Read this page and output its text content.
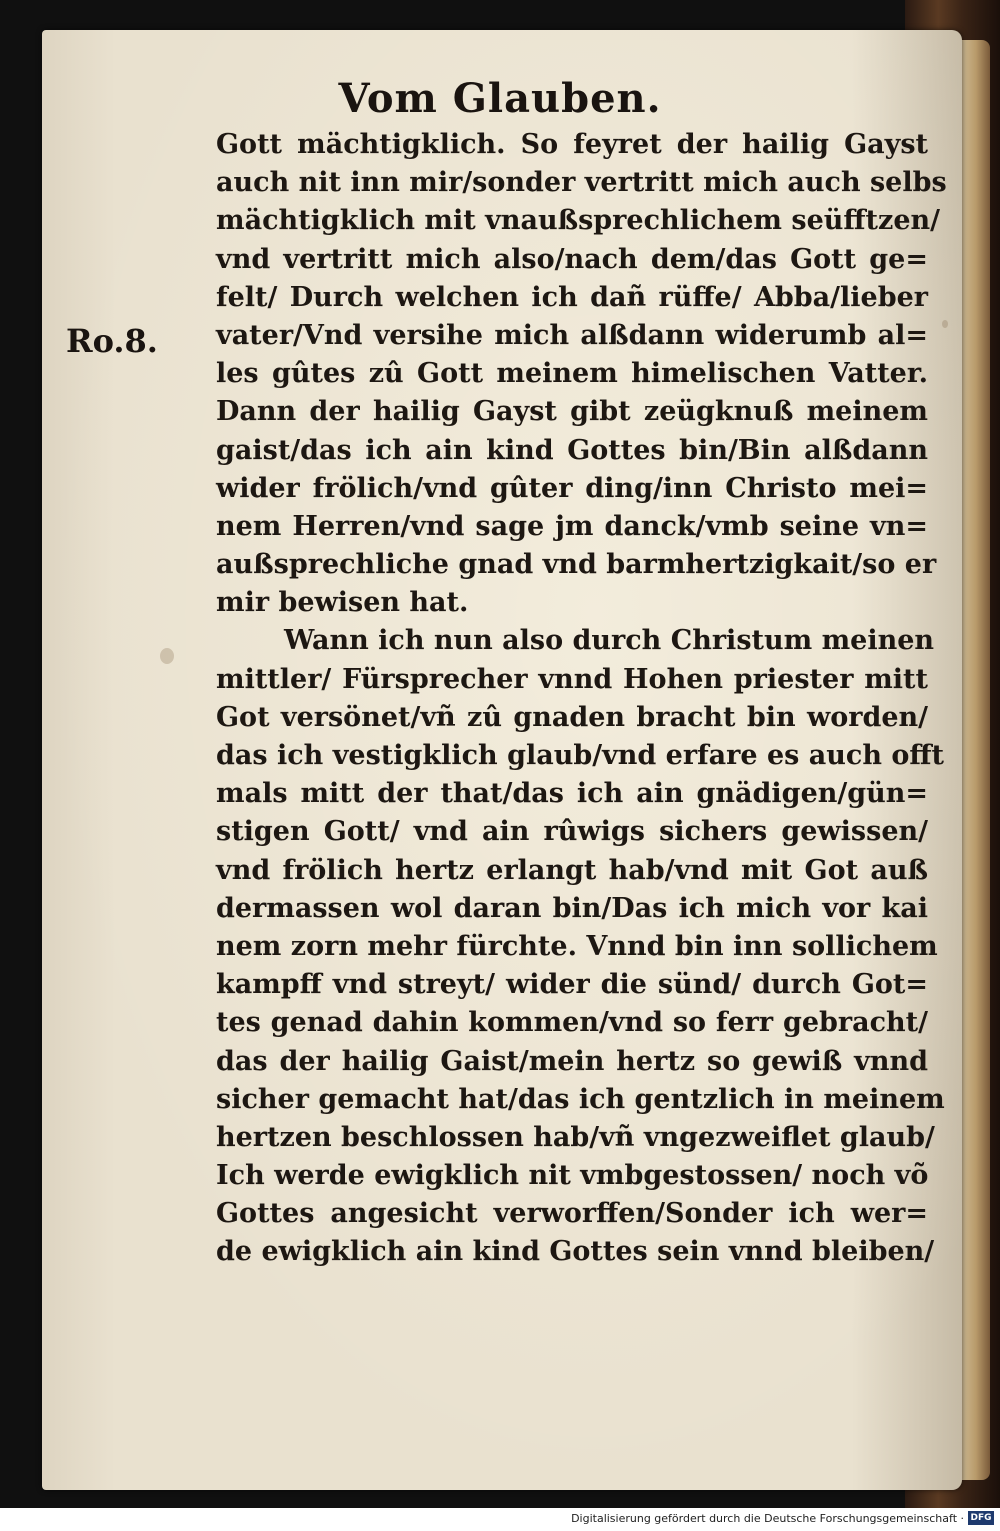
Vom Glauben.
Ro.8.
Gott mächtigklich. So feyret der hailig Gayst
auch nit inn mir/sonder vertritt mich auch selbs
mächtigklich mit vnaußsprechlichem seüfftzen/
vnd vertritt mich also/nach dem/das Gott ge=
felt/ Durch welchen ich dañ rüffe/ Abba/lieber
vater/Vnd versihe mich alßdann widerumb al=
les gûtes zû Gott meinem himelischen Vatter.
Dann der hailig Gayst gibt zeügknuß meinem
gaist/das ich ain kind Gottes bin/Bin alßdann
wider frölich/vnd gûter ding/inn Christo mei=
nem Herren/vnd sage jm danck/vmb seine vn=
außsprechliche gnad vnd barmhertzigkait/so er
mir bewisen hat.
Wann ich nun also durch Christum meinen
mittler/ Fürsprecher vnnd Hohen priester mitt
Got versönet/vñ zû gnaden bracht bin worden/
das ich vestigklich glaub/vnd erfare es auch offt
mals mitt der that/das ich ain gnädigen/gün=
stigen Gott/ vnd ain rûwigs sichers gewissen/
vnd frölich hertz erlangt hab/vnd mit Got auß
dermassen wol daran bin/Das ich mich vor kai
nem zorn mehr fürchte. Vnnd bin inn sollichem
kampff vnd streyt/ wider die sünd/ durch Got=
tes genad dahin kommen/vnd so ferr gebracht/
das der hailig Gaist/mein hertz so gewiß vnnd
sicher gemacht hat/das ich gentzlich in meinem
hertzen beschlossen hab/vñ vngezweiflet glaub/
Ich werde ewigklich nit vmbgestossen/ noch võ
Gottes angesicht verworffen/Sonder ich wer=
de ewigklich ain kind Gottes sein vnnd bleiben/
Digitalisierung gefördert durch die Deutsche Forschungsgemeinschaft · DFG
